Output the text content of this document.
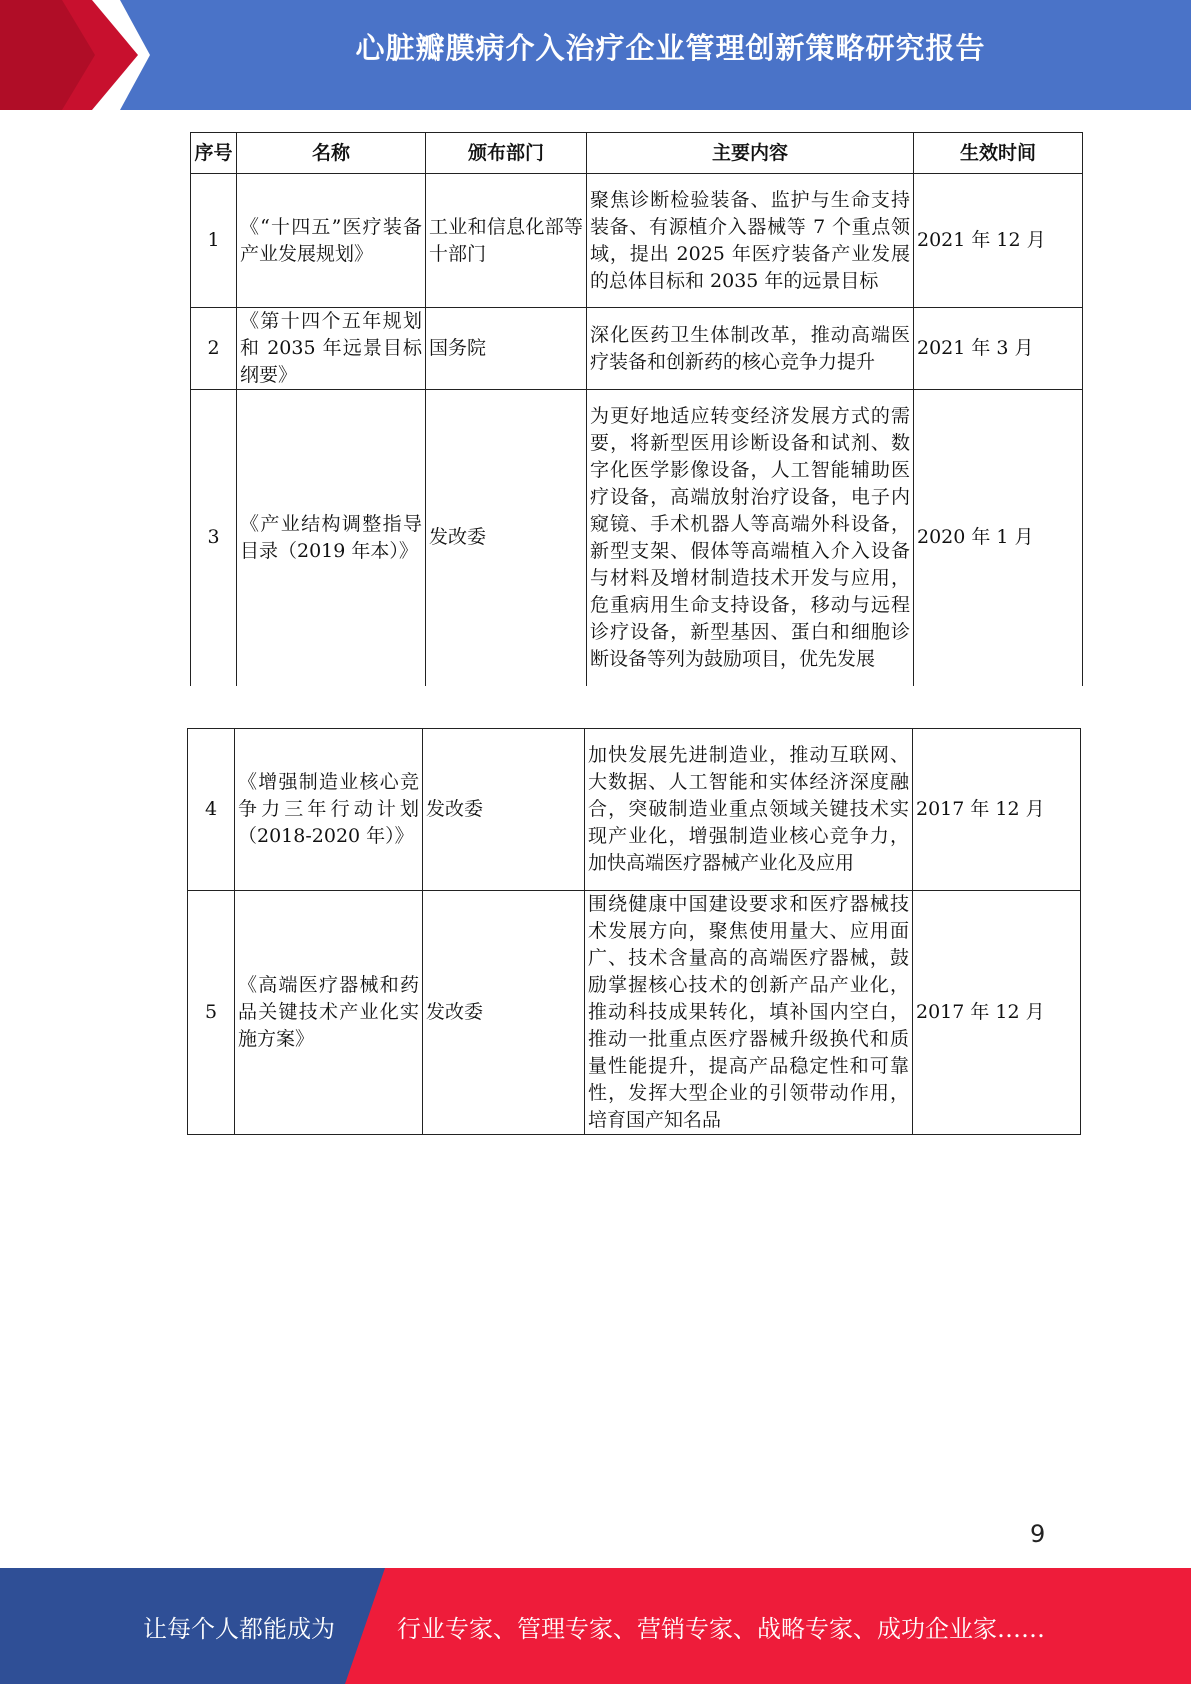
心脏瓣膜病介入治疗企业管理创新策略研究报告
序号	名称	颁布部门	主要内容	生效时间
1	《“十四五”医疗装备产业发展规划》	工业和信息化部等十部门	聚焦诊断检验装备、监护与生命支持装备、有源植介入器械等 7 个重点领域，提出 2025 年医疗装备产业发展的总体目标和 2035 年的远景目标	2021 年 12 月
2	《第十四个五年规划和 2035 年远景目标纲要》	国务院	深化医药卫生体制改革，推动高端医疗装备和创新药的核心竞争力提升	2021 年 3 月
3	《产业结构调整指导目录（2019 年本）》	发改委	为更好地适应转变经济发展方式的需要，将新型医用诊断设备和试剂、数字化医学影像设备，人工智能辅助医疗设备，高端放射治疗设备，电子内窥镜、手术机器人等高端外科设备，新型支架、假体等高端植入介入设备与材料及增材制造技术开发与应用，危重病用生命支持设备，移动与远程诊疗设备，新型基因、蛋白和细胞诊断设备等列为鼓励项目，优先发展	2020 年 1 月
4	《增强制造业核心竞争力三年行动计划（2018-2020 年）》	发改委	加快发展先进制造业，推动互联网、大数据、人工智能和实体经济深度融合，突破制造业重点领域关键技术实现产业化，增强制造业核心竞争力，加快高端医疗器械产业化及应用	2017 年 12 月
5	《高端医疗器械和药品关键技术产业化实施方案》	发改委	围绕健康中国建设要求和医疗器械技术发展方向，聚焦使用量大、应用面广、技术含量高的高端医疗器械，鼓励掌握核心技术的创新产品产业化，推动科技成果转化，填补国内空白，推动一批重点医疗器械升级换代和质量性能提升，提高产品稳定性和可靠性，发挥大型企业的引领带动作用，培育国产知名品	2017 年 12 月
9
让每个人都能成为	行业专家、管理专家、营销专家、战略专家、成功企业家……
